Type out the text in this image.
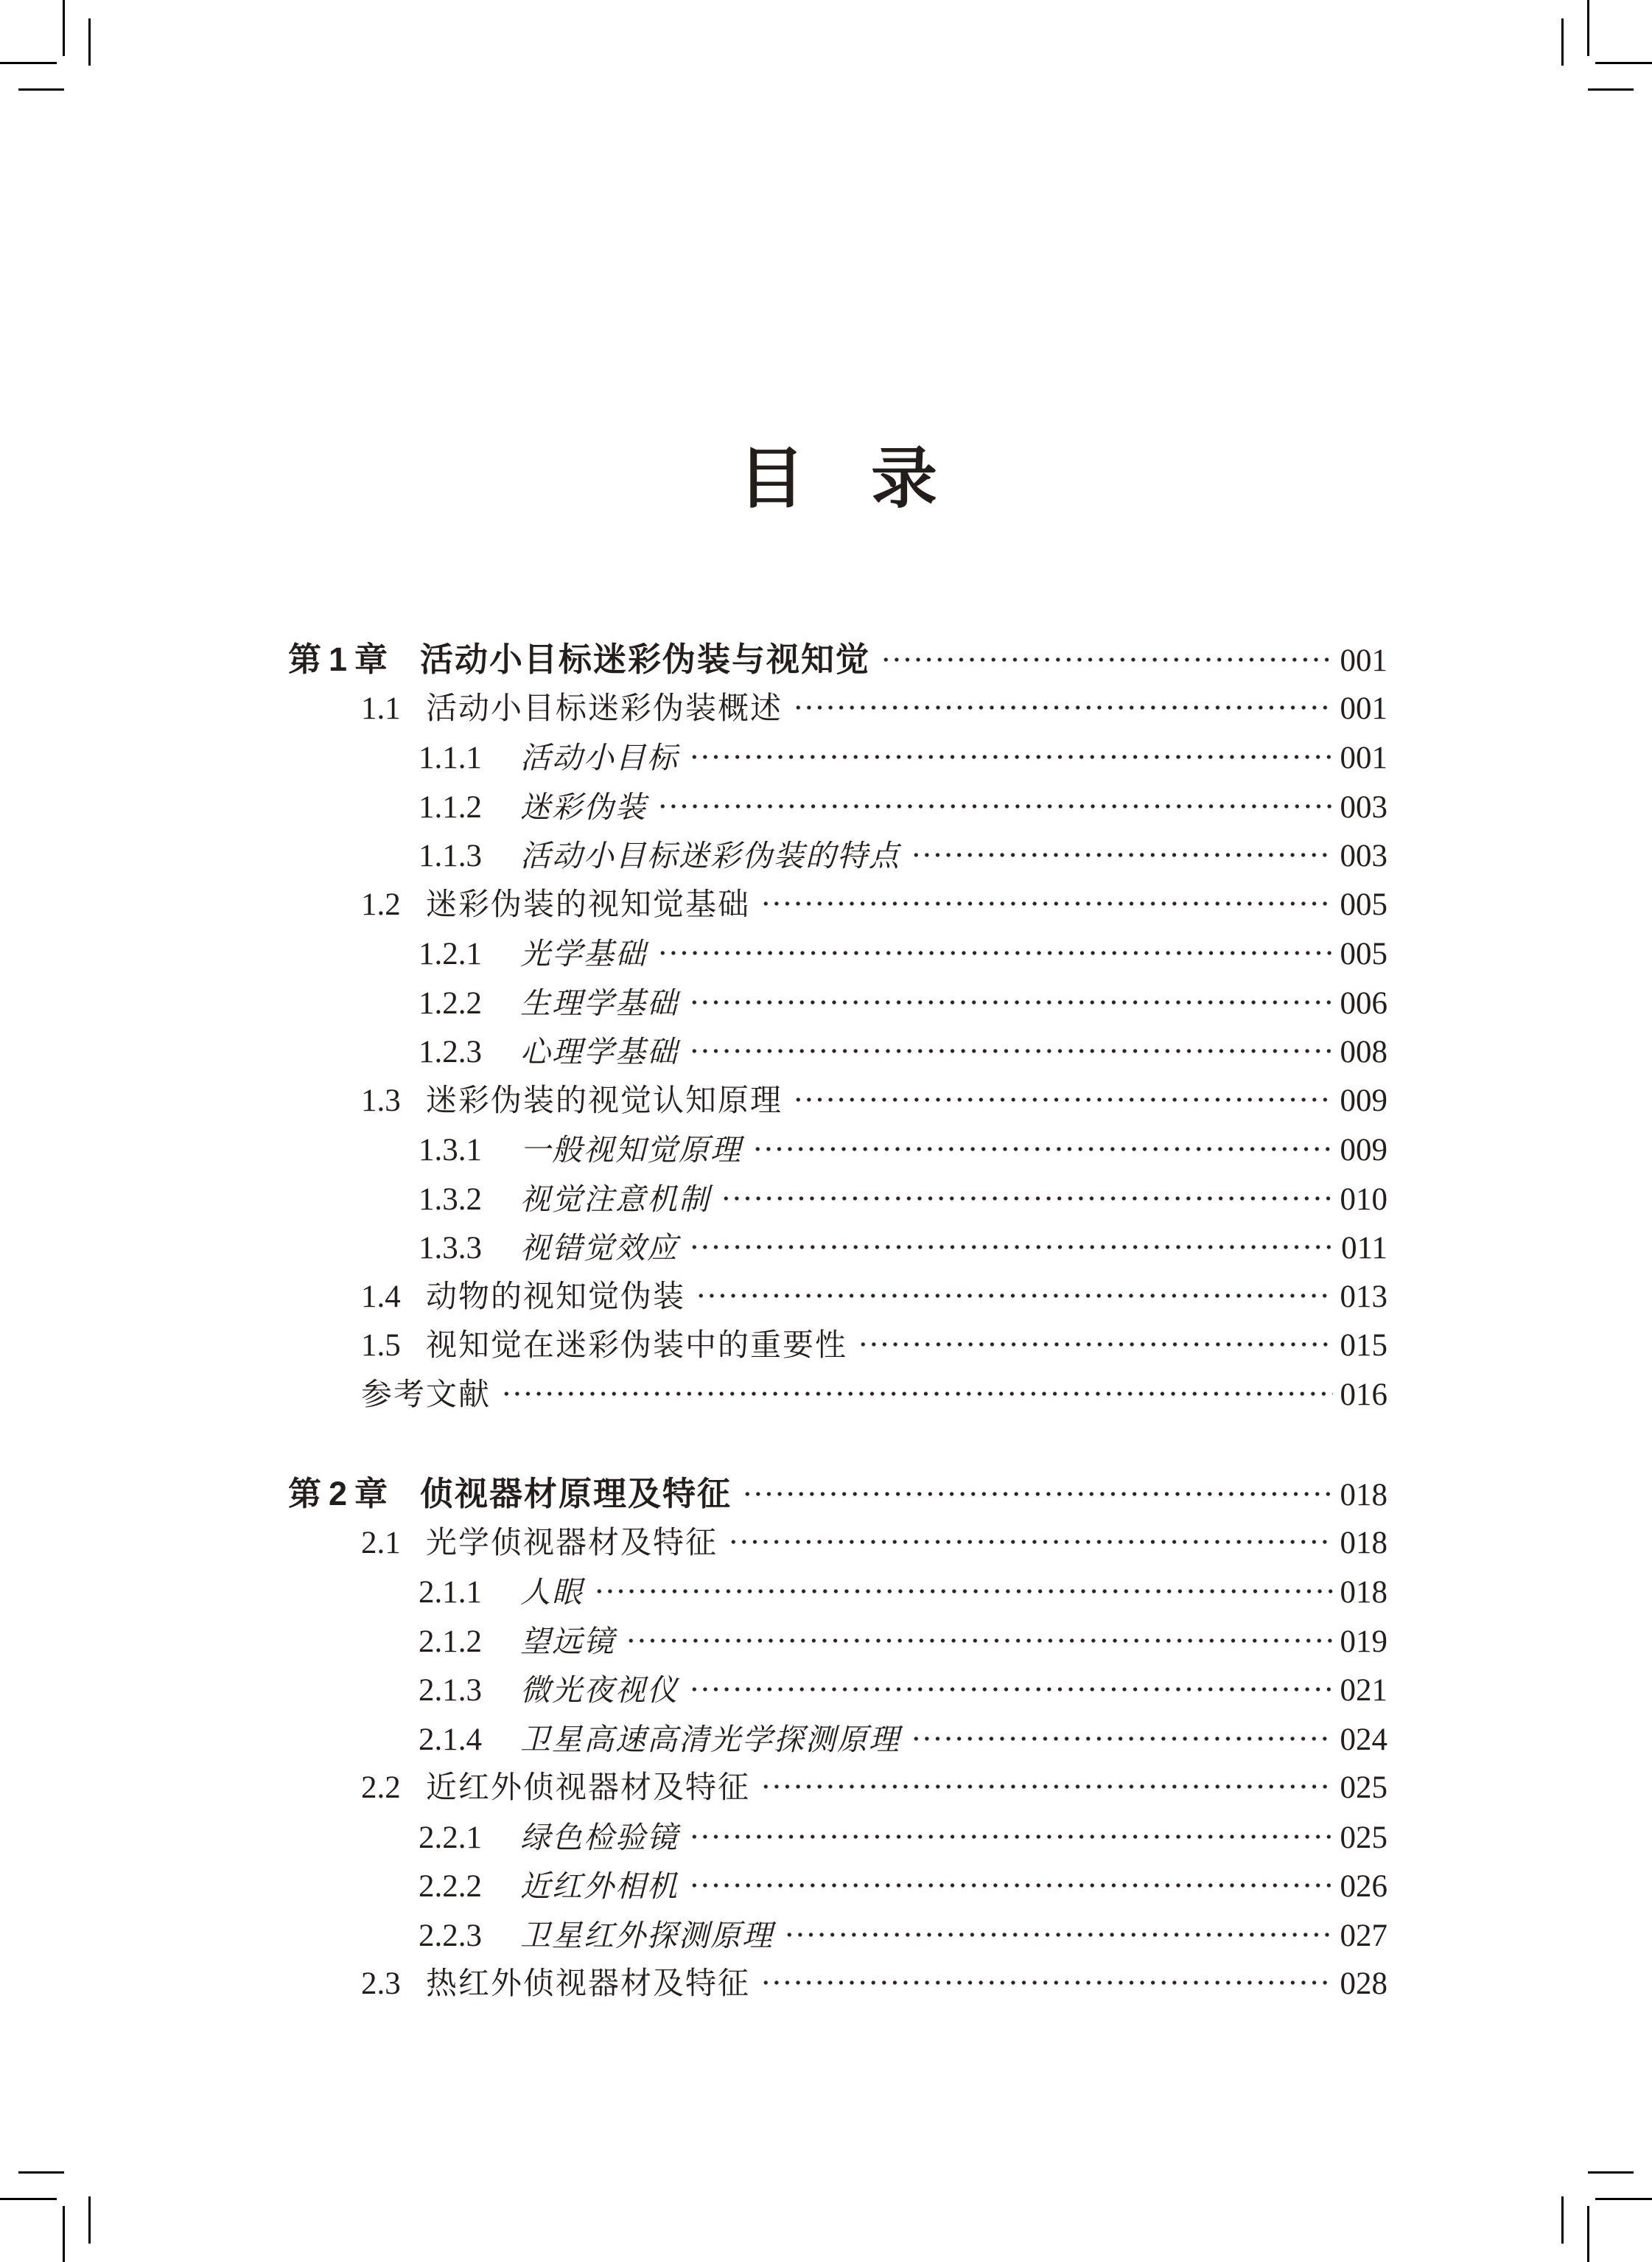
目　录
第1章 活动小目标迷彩伪装与视知觉	001
1.1 活动小目标迷彩伪装概述	001
1.1.1	活动小目标	001
1.1.2	迷彩伪装	003
1.1.3	活动小目标迷彩伪装的特点	003
1.2 迷彩伪装的视知觉基础	005
1.2.1	光学基础	005
1.2.2	生理学基础	006
1.2.3	心理学基础	008
1.3 迷彩伪装的视觉认知原理	009
1.3.1	一般视知觉原理	009
1.3.2	视觉注意机制	010
1.3.3	视错觉效应	011
1.4 动物的视知觉伪装	013
1.5 视知觉在迷彩伪装中的重要性	015
参考文献	016
第2章 侦视器材原理及特征	018
2.1 光学侦视器材及特征	018
2.1.1	人眼	018
2.1.2	望远镜	019
2.1.3	微光夜视仪	021
2.1.4	卫星高速高清光学探测原理	024
2.2 近红外侦视器材及特征	025
2.2.1	绿色检验镜	025
2.2.2	近红外相机	026
2.2.3	卫星红外探测原理	027
2.3 热红外侦视器材及特征	028
